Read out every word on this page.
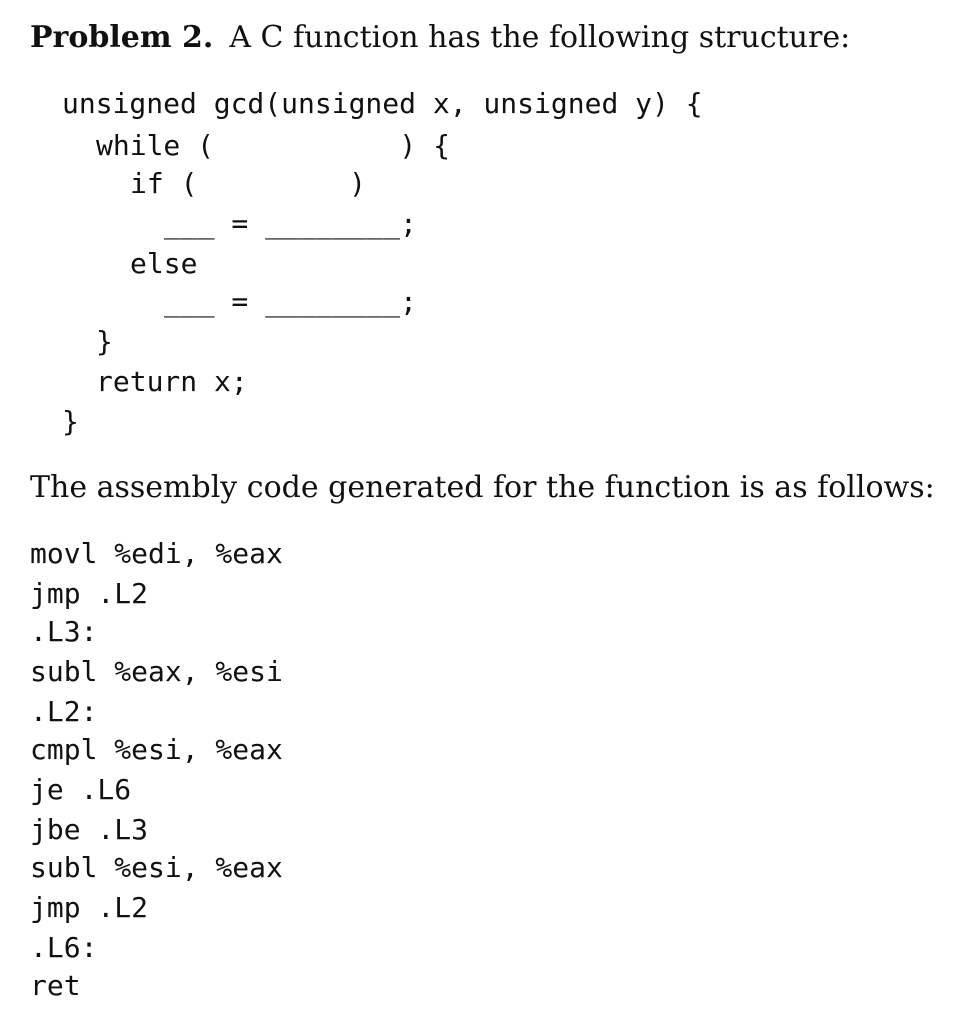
Problem 2. A C function has the following structure:
unsigned gcd(unsigned x, unsigned y) {
while (           ) {
if (         )
___ = ________;
else
___ = ________;
}
return x;
}
The assembly code generated for the function is as follows:
movl %edi, %eax
jmp .L2
.L3:
subl %eax, %esi
.L2:
cmpl %esi, %eax
je .L6
jbe .L3
subl %esi, %eax
jmp .L2
.L6:
ret
